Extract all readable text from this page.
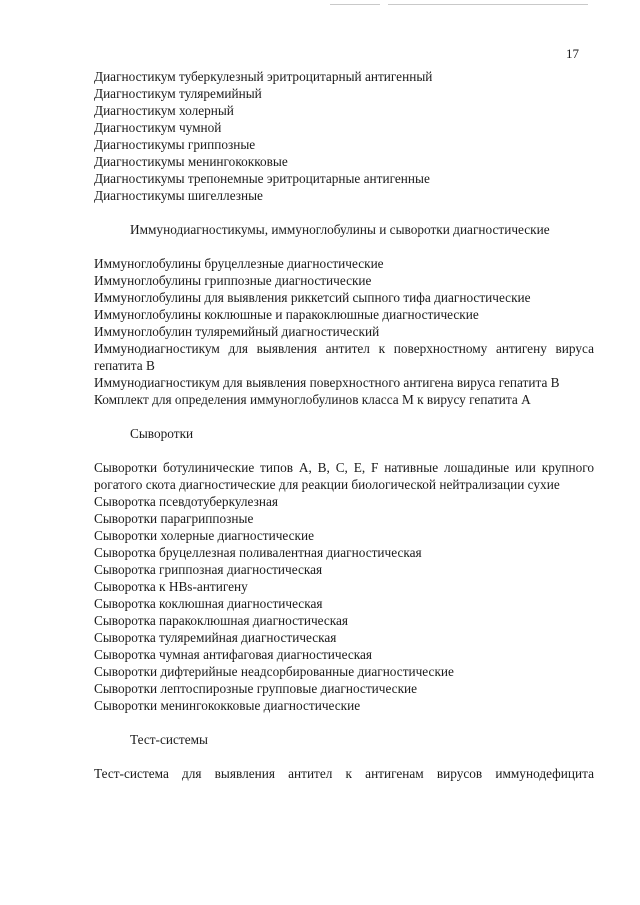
17
Диагностикум туберкулезный эритроцитарный антигенный
Диагностикум туляремийный
Диагностикум холерный
Диагностикум чумной
Диагностикумы гриппозные
Диагностикумы менингококковые
Диагностикумы трепонемные эритроцитарные антигенные
Диагностикумы шигеллезные
Иммунодиагностикумы, иммуноглобулины и сыворотки диагностические
Иммуноглобулины бруцеллезные диагностические
Иммуноглобулины гриппозные диагностические
Иммуноглобулины для выявления риккетсий сыпного тифа диагностические
Иммуноглобулины коклюшные и паракоклюшные диагностические
Иммуноглобулин туляремийный диагностический
Иммунодиагностикум для выявления антител к поверхностному антигену вируса гепатита В
Иммунодиагностикум для выявления поверхностного антигена вируса гепатита В
Комплект для определения иммуноглобулинов класса М к вирусу гепатита А
Сыворотки
Сыворотки ботулинические типов А, В, С, Е, F нативные лошадиные или крупного рогатого скота диагностические для реакции биологической нейтрализации сухие
Сыворотка псевдотуберкулезная
Сыворотки парагриппозные
Сыворотки холерные диагностические
Сыворотка бруцеллезная поливалентная диагностическая
Сыворотка гриппозная диагностическая
Сыворотка к HBs-антигену
Сыворотка коклюшная диагностическая
Сыворотка паракоклюшная диагностическая
Сыворотка туляремийная диагностическая
Сыворотка чумная антифаговая диагностическая
Сыворотки дифтерийные неадсорбированные диагностические
Сыворотки лептоспирозные групповые диагностические
Сыворотки менингококковые диагностические
Тест-системы
Тест-система для выявления антител к антигенам вирусов иммунодефицита
